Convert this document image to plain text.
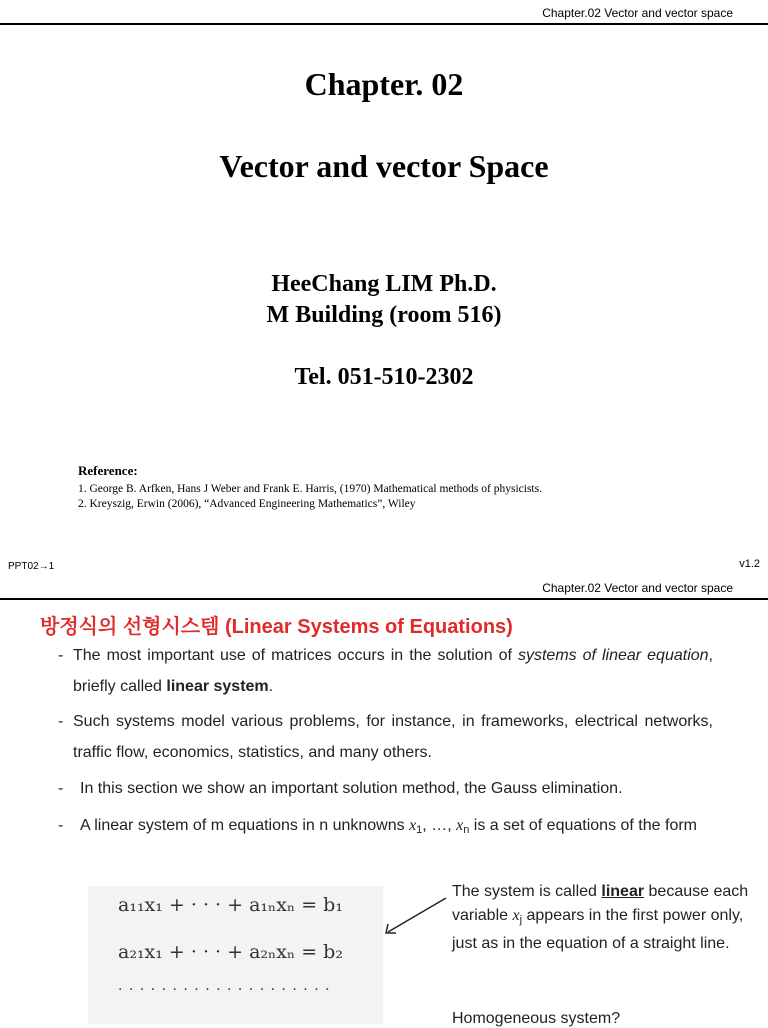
Chapter.02 Vector and vector space
Chapter. 02
Vector and vector Space
HeeChang LIM Ph.D.
M Building (room 516)
Tel. 051-510-2302
Reference:
1. George B. Arfken, Hans J Weber and Frank E. Harris, (1970) Mathematical methods of physicists.
2. Kreyszig, Erwin (2006), “Advanced Engineering Mathematics”, Wiley
PPT02→1	v1.2
Chapter.02 Vector and vector space
방정식의 선형시스템 (Linear Systems of Equations)
- The most important use of matrices occurs in the solution of systems of linear equation, briefly called linear system.
- Such systems model various problems, for instance, in frameworks, electrical networks, traffic flow, economics, statistics, and many others.
-	In this section we show an important solution method, the Gauss elimination.
-	A linear system of m equations in n unknowns $x_1$, …, $x_n$ is a set of equations of the form
a₁₁x₁ + · · · + a₁ₙxₙ = b₁
a₂₁x₁ + · · · + a₂ₙxₙ = b₂
· · · · · · · · · · · · · · · · · · · ·
The system is called linear because each variable $x_j$ appears in the first power only, just as in the equation of a straight line.
Homogeneous system?
